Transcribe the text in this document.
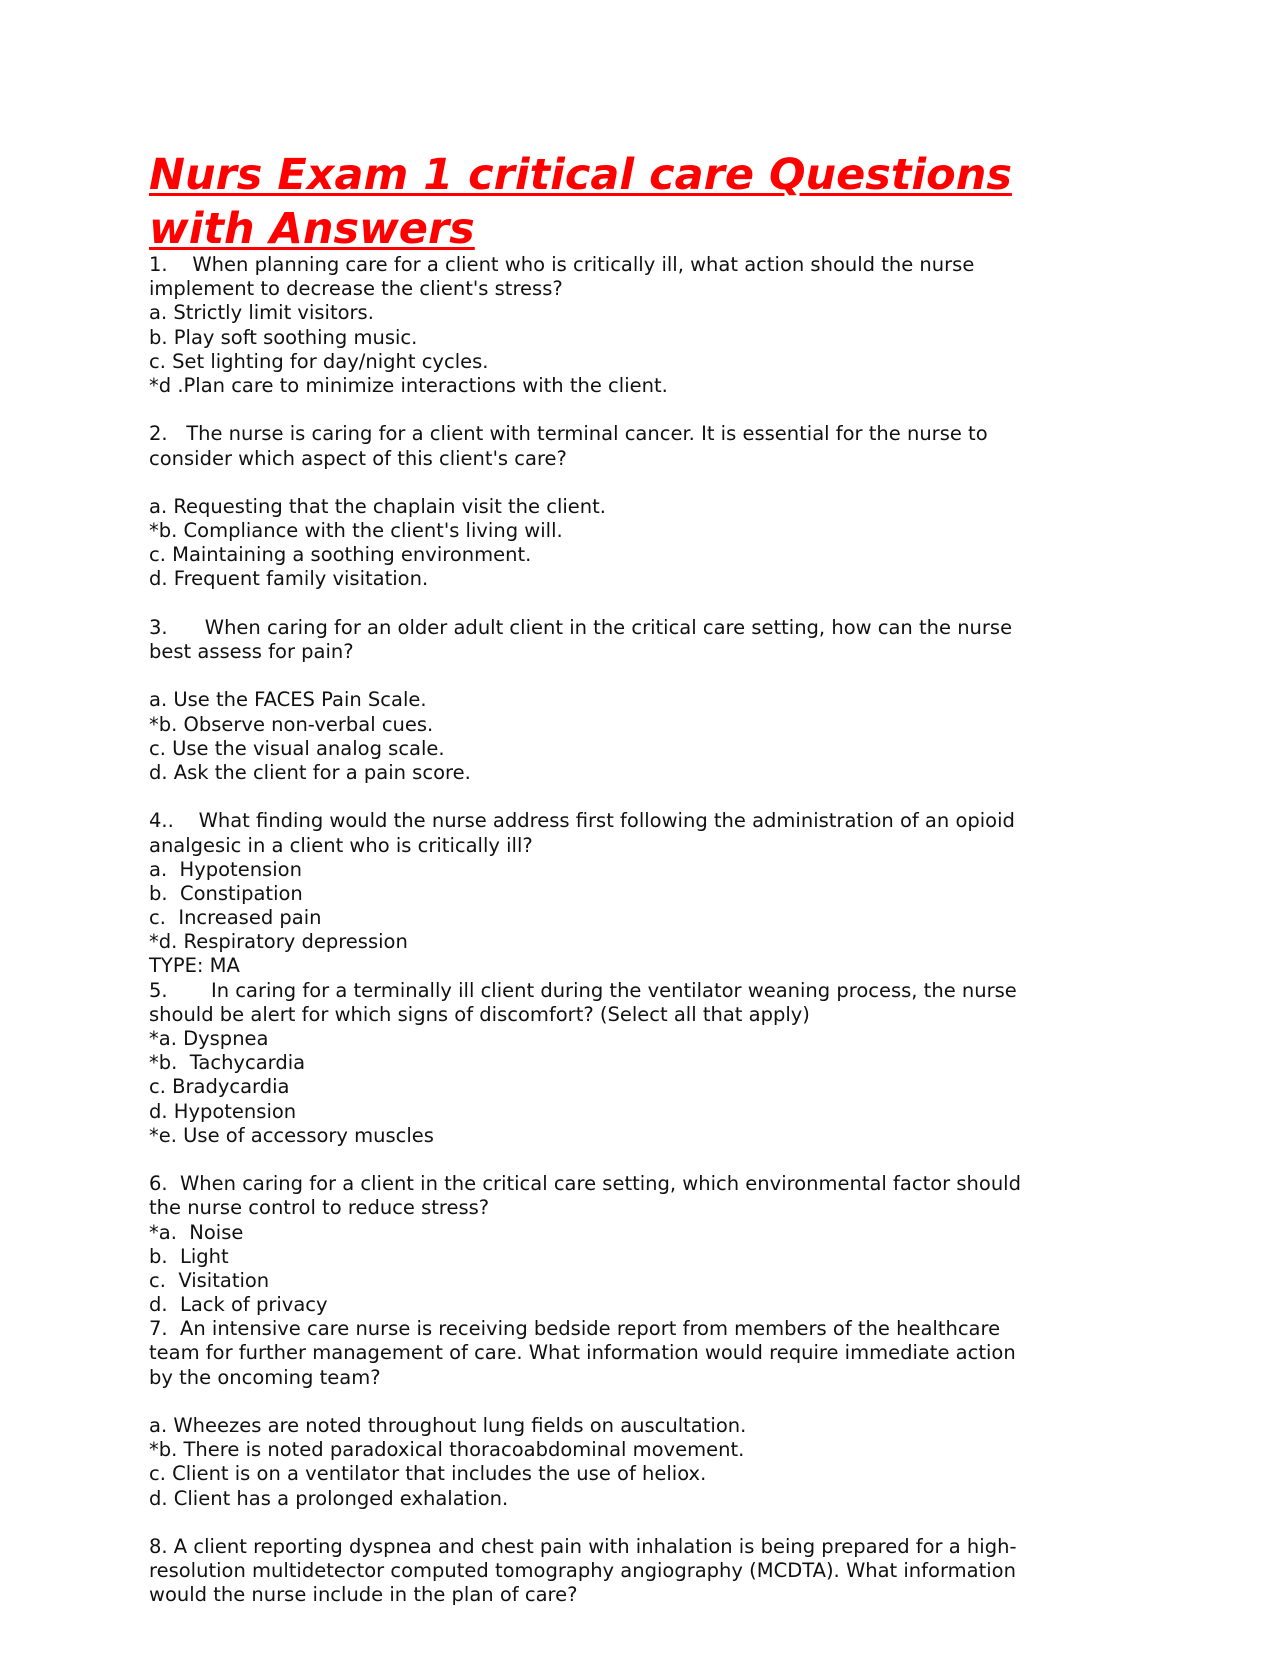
Nurs Exam 1 critical care Questions
with Answers
1.    When planning care for a client who is critically ill, what action should the nurse
implement to decrease the client's stress?
a. Strictly limit visitors.
b. Play soft soothing music.
c. Set lighting for day/night cycles.
*d .Plan care to minimize interactions with the client.
2.   The nurse is caring for a client with terminal cancer. It is essential for the nurse to
consider which aspect of this client's care?
a. Requesting that the chaplain visit the client.
*b. Compliance with the client's living will.
c. Maintaining a soothing environment.
d. Frequent family visitation.
3.      When caring for an older adult client in the critical care setting, how can the nurse
best assess for pain?
a. Use the FACES Pain Scale.
*b. Observe non-verbal cues.
c. Use the visual analog scale.
d. Ask the client for a pain score.
4..    What finding would the nurse address first following the administration of an opioid
analgesic in a client who is critically ill?
a.  Hypotension
b.  Constipation
c.  Increased pain
*d. Respiratory depression
TYPE: MA
5.       In caring for a terminally ill client during the ventilator weaning process, the nurse
should be alert for which signs of discomfort? (Select all that apply)
*a. Dyspnea
*b.  Tachycardia
c. Bradycardia
d. Hypotension
*e. Use of accessory muscles
6.  When caring for a client in the critical care setting, which environmental factor should
the nurse control to reduce stress?
*a.  Noise
b.  Light
c.  Visitation
d.  Lack of privacy
7.  An intensive care nurse is receiving bedside report from members of the healthcare
team for further management of care. What information would require immediate action
by the oncoming team?
a. Wheezes are noted throughout lung fields on auscultation.
*b. There is noted paradoxical thoracoabdominal movement.
c. Client is on a ventilator that includes the use of heliox.
d. Client has a prolonged exhalation.
8. A client reporting dyspnea and chest pain with inhalation is being prepared for a high-
resolution multidetector computed tomography angiography (MCDTA). What information
would the nurse include in the plan of care?
